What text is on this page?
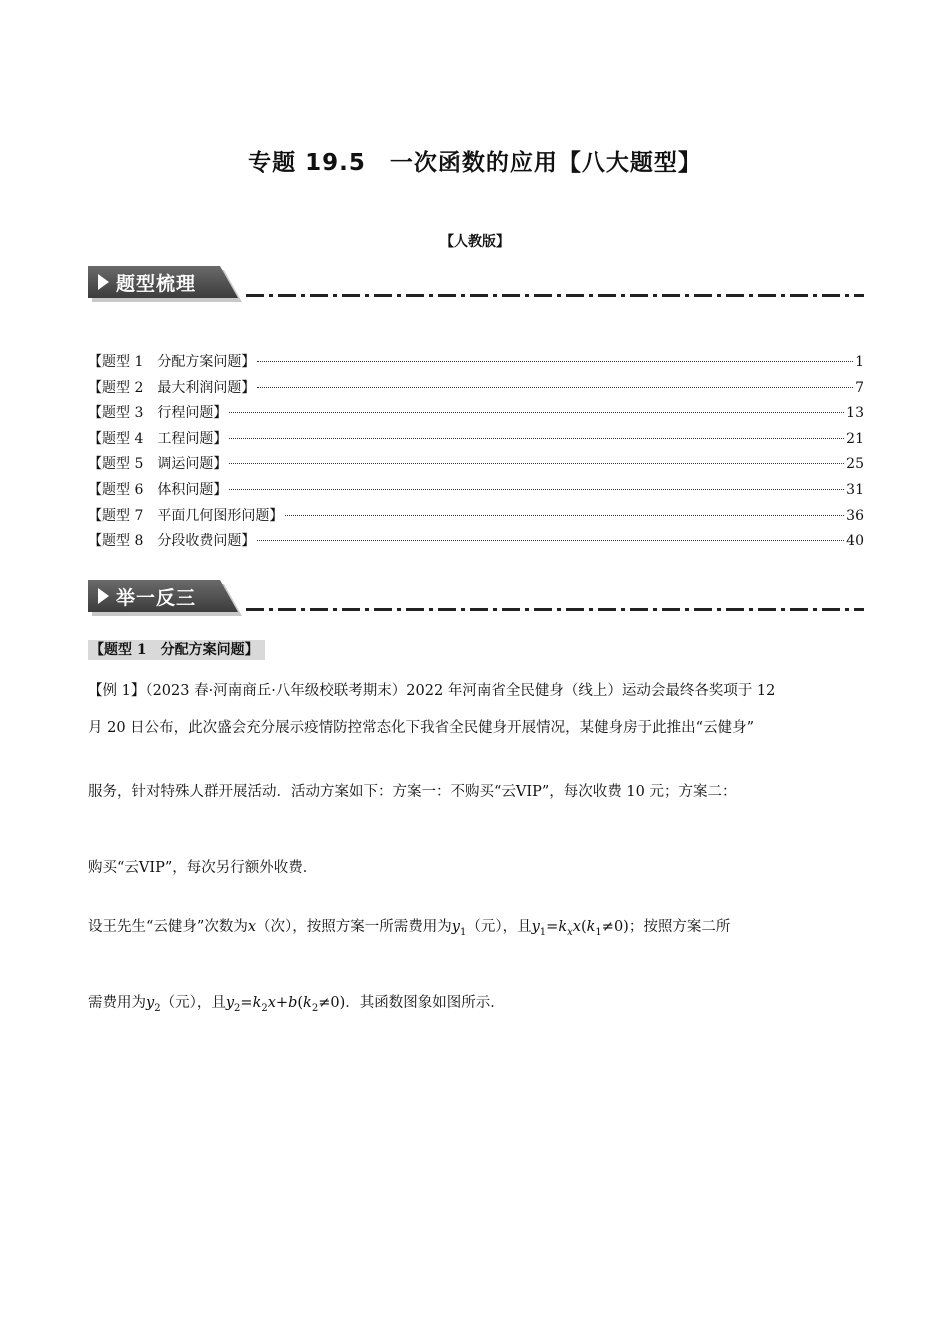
专题 19.5　一次函数的应用【八大题型】
【人教版】
题型梳理
【题型 1　分配方案问题】	1
【题型 2　最大利润问题】	7
【题型 3　行程问题】	13
【题型 4　工程问题】	21
【题型 5　调运问题】	25
【题型 6　体积问题】	31
【题型 7　平面几何图形问题】	36
【题型 8　分段收费问题】	40
举一反三
【题型 1　分配方案问题】
【例 1】（2023 春·河南商丘·八年级校联考期末）2022 年河南省全民健身（线上）运动会最终各奖项于 12
月 20 日公布，此次盛会充分展示疫情防控常态化下我省全民健身开展情况，某健身房于此推出“云健身”
服务，针对特殊人群开展活动．活动方案如下：方案一：不购买“云VIP”，每次收费 10 元；方案二：
购买“云VIP”，每次另行额外收费．
设王先生“云健身”次数为x（次），按照方案一所需费用为$y_1$（元），且$y_1=k_xx(k_1\ne 0)$；按照方案二所
需费用为$y_2$（元），且$y_2=k_2x+b(k_2\ne 0)$．其函数图象如图所示．
